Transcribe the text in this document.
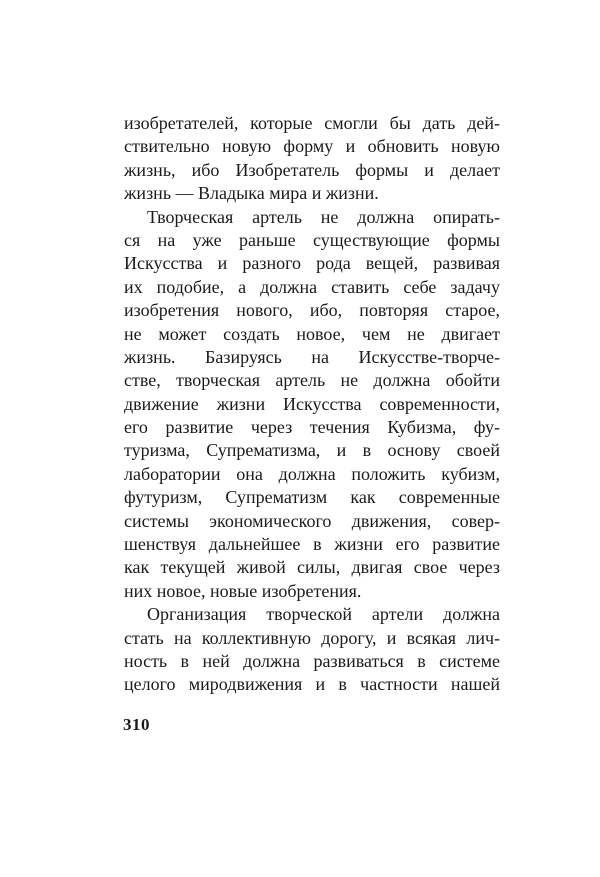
изобретателей, которые смогли бы дать дей-
ствительно новую форму и обновить новую
жизнь, ибо Изобретатель формы и делает
жизнь — Владыка мира и жизни.
Творческая артель не должна опирать-
ся на уже раньше существующие формы
Искусства и разного рода вещей, развивая
их подобие, а должна ставить себе задачу
изобретения нового, ибо, повторяя старое,
не может создать новое, чем не двигает
жизнь. Базируясь на Искусстве-творче-
стве, творческая артель не должна обойти
движение жизни Искусства современности,
его развитие через течения Кубизма, фу-
туризма, Супрематизма, и в основу своей
лаборатории она должна положить кубизм,
футуризм, Супрематизм как современные
системы экономического движения, совер-
шенствуя дальнейшее в жизни его развитие
как текущей живой силы, двигая свое через
них новое, новые изобретения.
Организация творческой артели должна
стать на коллективную дорогу, и всякая лич-
ность в ней должна развиваться в системе
целого миродвижения и в частности нашей
310
